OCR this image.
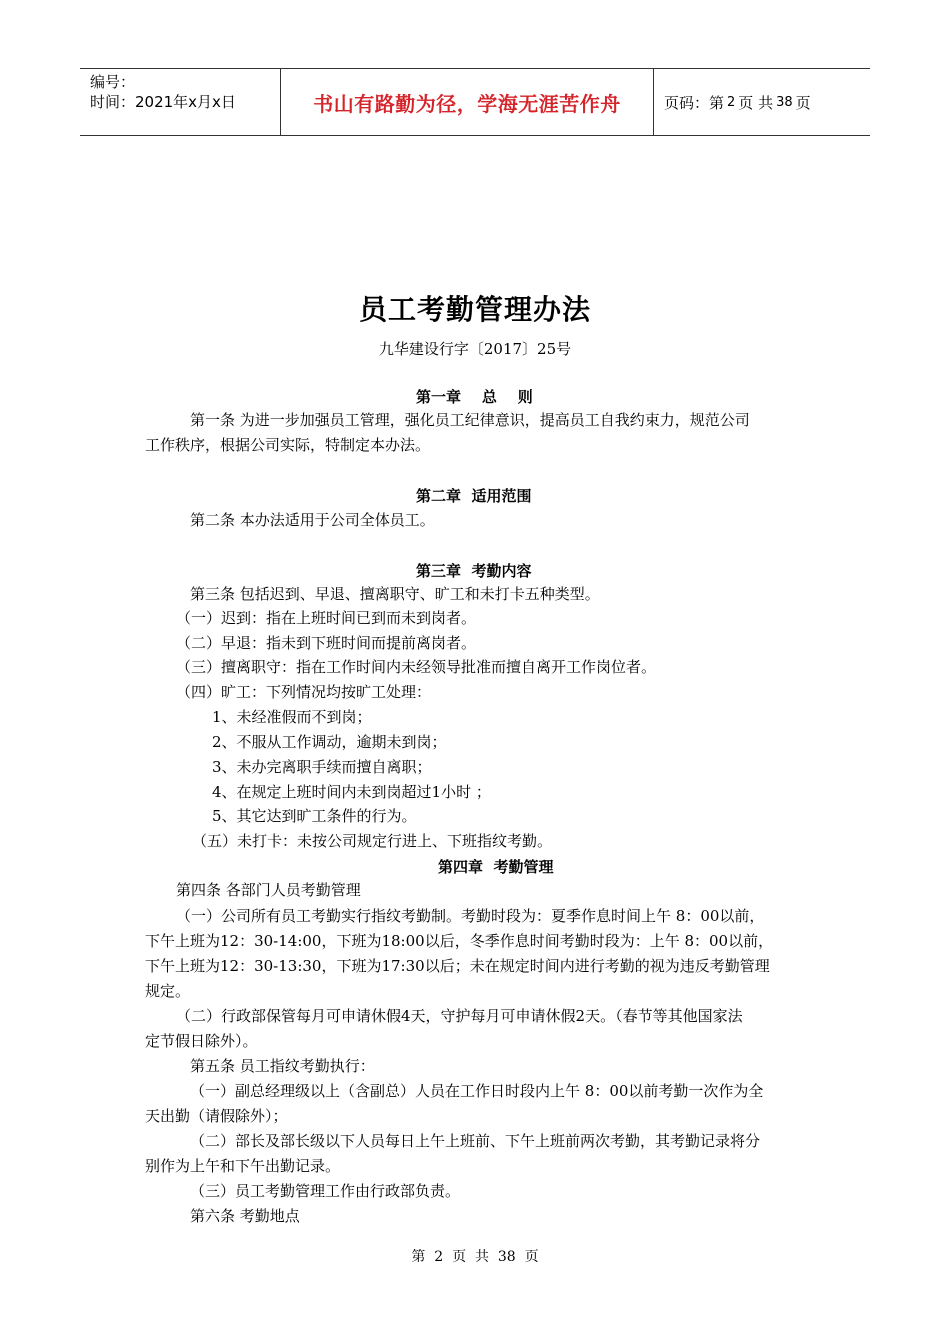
编号：
时间：2021年x月x日	书山有路勤为径，学海无涯苦作舟	页码：第 2 页 共 38 页
员工考勤管理办法
九华建设行字〔2017〕25号
第一章    总    则
第一条 为进一步加强员工管理，强化员工纪律意识，提高员工自我约束力，规范公司
工作秩序，根据公司实际，特制定本办法。
第二章  适用范围
第二条 本办法适用于公司全体员工。
第三章  考勤内容
第三条 包括迟到、早退、擅离职守、旷工和未打卡五种类型。
（一）迟到：指在上班时间已到而未到岗者。
（二）早退：指未到下班时间而提前离岗者。
（三）擅离职守：指在工作时间内未经领导批准而擅自离开工作岗位者。
（四）旷工：下列情况均按旷工处理：
1、未经准假而不到岗；
2、不服从工作调动，逾期未到岗；
3、未办完离职手续而擅自离职；
4、在规定上班时间内未到岗超过1小时 ；
5、其它达到旷工条件的行为。
（五）未打卡：未按公司规定行进上、下班指纹考勤。
第四章  考勤管理
第四条 各部门人员考勤管理
（一）公司所有员工考勤实行指纹考勤制。考勤时段为：夏季作息时间上午 8：00以前，
下午上班为12：30-14:00，下班为18:00以后，冬季作息时间考勤时段为：上午 8：00以前，
下午上班为12：30-13:30，下班为17:30以后；未在规定时间内进行考勤的视为违反考勤管理
规定。
（二）行政部保管每月可申请休假4天，守护每月可申请休假2天。（春节等其他国家法
定节假日除外）。
第五条 员工指纹考勤执行：
（一）副总经理级以上（含副总）人员在工作日时段内上午 8：00以前考勤一次作为全
天出勤（请假除外）；
（二）部长及部长级以下人员每日上午上班前、下午上班前两次考勤，其考勤记录将分
别作为上午和下午出勤记录。
（三）员工考勤管理工作由行政部负责。
第六条 考勤地点
第  2  页  共  38  页
